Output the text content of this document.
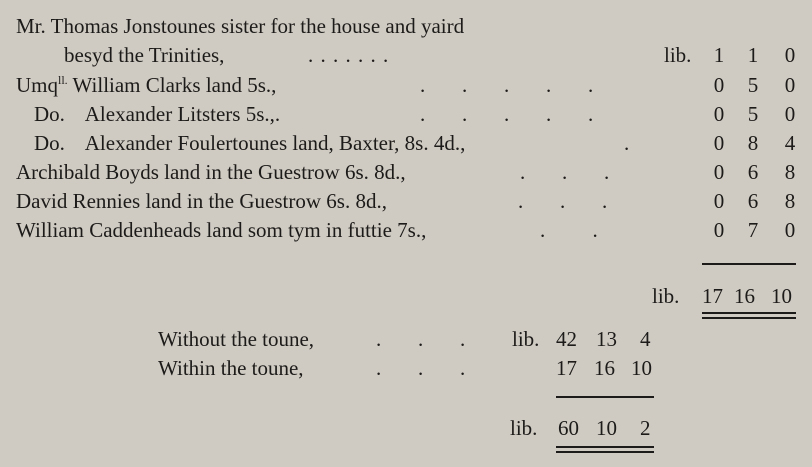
Mr. Thomas Jonstounes sister for the house and yaird
besyd the Trinities,	. . . . . . .	lib. 1 1	0
Umq$^{ll.}$ William Clarks land 5s.,	.       .       .       .       .	0 5	0
Do.    Alexander Litsters 5s.,.	.       .       .       .       .	0 5	0
Do.    Alexander Foulertounes land, Baxter, 8s. 4d.,	.	0 8	4
Archibald Boyds land in the Guestrow 6s. 8d.,	.       .       .	0 6	8
David Rennies land in the Guestrow 6s. 8d.,	.       .       .	0 6	8
William Caddenheads land som tym in futtie 7s.,	.         .	0 7	0
lib. 17 16 10
Without the toune,	.       .       . lib. 42 13 4
Within the toune,	.       .       .	17 16 10
lib. 60 10 2
